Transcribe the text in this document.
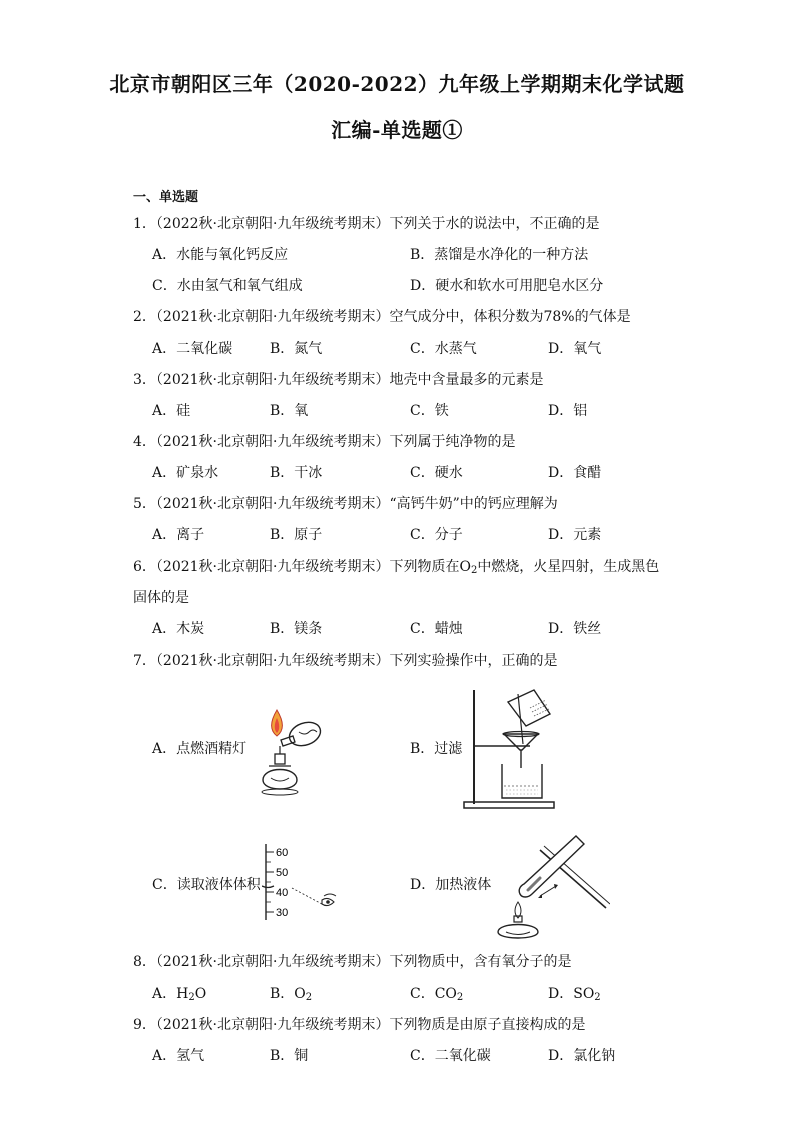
北京市朝阳区三年（2020-2022）九年级上学期期末化学试题
汇编-单选题①
一、单选题
1．（2022秋·北京朝阳·九年级统考期末）下列关于水的说法中，不正确的是
A．水能与氧化钙反应	B．蒸馏是水净化的一种方法
C．水由氢气和氧气组成	D．硬水和软水可用肥皂水区分
2．（2021秋·北京朝阳·九年级统考期末）空气成分中，体积分数为78%的气体是
A．二氧化碳	B．氮气	C．水蒸气	D．氧气
3．（2021秋·北京朝阳·九年级统考期末）地壳中含量最多的元素是
A．硅	B．氧	C．铁	D．铝
4．（2021秋·北京朝阳·九年级统考期末）下列属于纯净物的是
A．矿泉水	B．干冰	C．硬水	D．食醋
5．（2021秋·北京朝阳·九年级统考期末）“高钙牛奶”中的钙应理解为
A．离子	B．原子	C．分子	D．元素
6．（2021秋·北京朝阳·九年级统考期末）下列物质在$O_2$中燃烧，火星四射，生成黑色
固体的是
A．木炭	B．镁条	C．蜡烛	D．铁丝
7．（2021秋·北京朝阳·九年级统考期末）下列实验操作中，正确的是
A．点燃酒精灯	B．过滤
C．读取液体体积
60
50
40
30
D．加热液体
8．（2021秋·北京朝阳·九年级统考期末）下列物质中，含有氧分子的是
A．$H_2O$	B．$O_2$	C．$CO_2$	D．$SO_2$
9．（2021秋·北京朝阳·九年级统考期末）下列物质是由原子直接构成的是
A．氢气	B．铜	C．二氧化碳	D．氯化钠
